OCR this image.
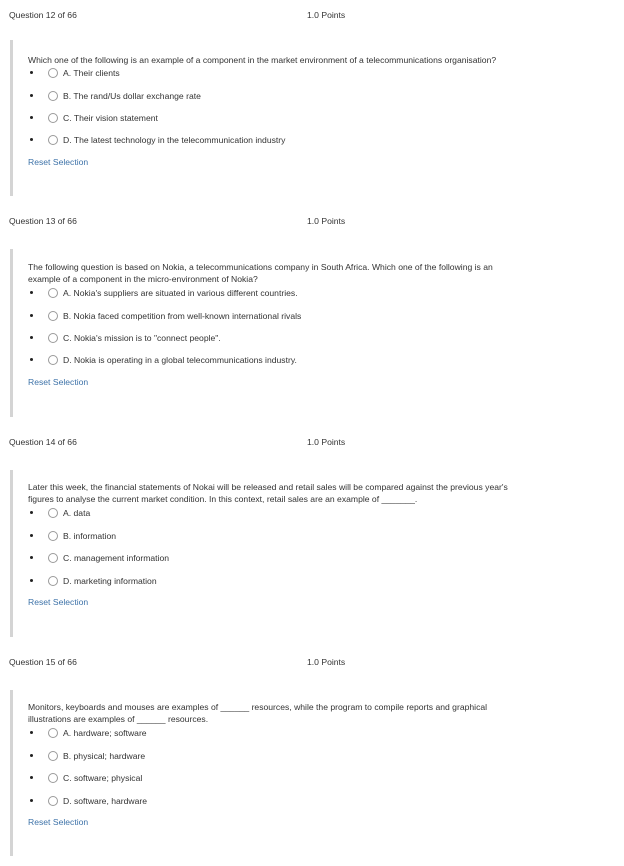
Question 12 of 66	1.0 Points
Which one of the following is an example of a component in the market environment of a telecommunications organisation?
A. Their clients
B. The rand/Us dollar exchange rate
C. Their vision statement
D. The latest technology in the telecommunication industry
Reset Selection
Question 13 of 66	1.0 Points
The following question is based on Nokia, a telecommunications company in South Africa. Which one of the following is an
example of a component in the micro-environment of Nokia?
A. Nokia's suppliers are situated in various different countries.
B. Nokia faced competition from well-known international rivals
C. Nokia's mission is to "connect people".
D. Nokia is operating in a global telecommunications industry.
Reset Selection
Question 14 of 66	1.0 Points
Later this week, the financial statements of Nokai will be released and retail sales will be compared against the previous year's
figures to analyse the current market condition. In this context, retail sales are an example of _______.
A. data
B. information
C. management information
D. marketing information
Reset Selection
Question 15 of 66	1.0 Points
Monitors, keyboards and mouses are examples of ______ resources, while the program to compile reports and graphical
illustrations are examples of ______ resources.
A. hardware; software
B. physical; hardware
C. software; physical
D. software, hardware
Reset Selection
